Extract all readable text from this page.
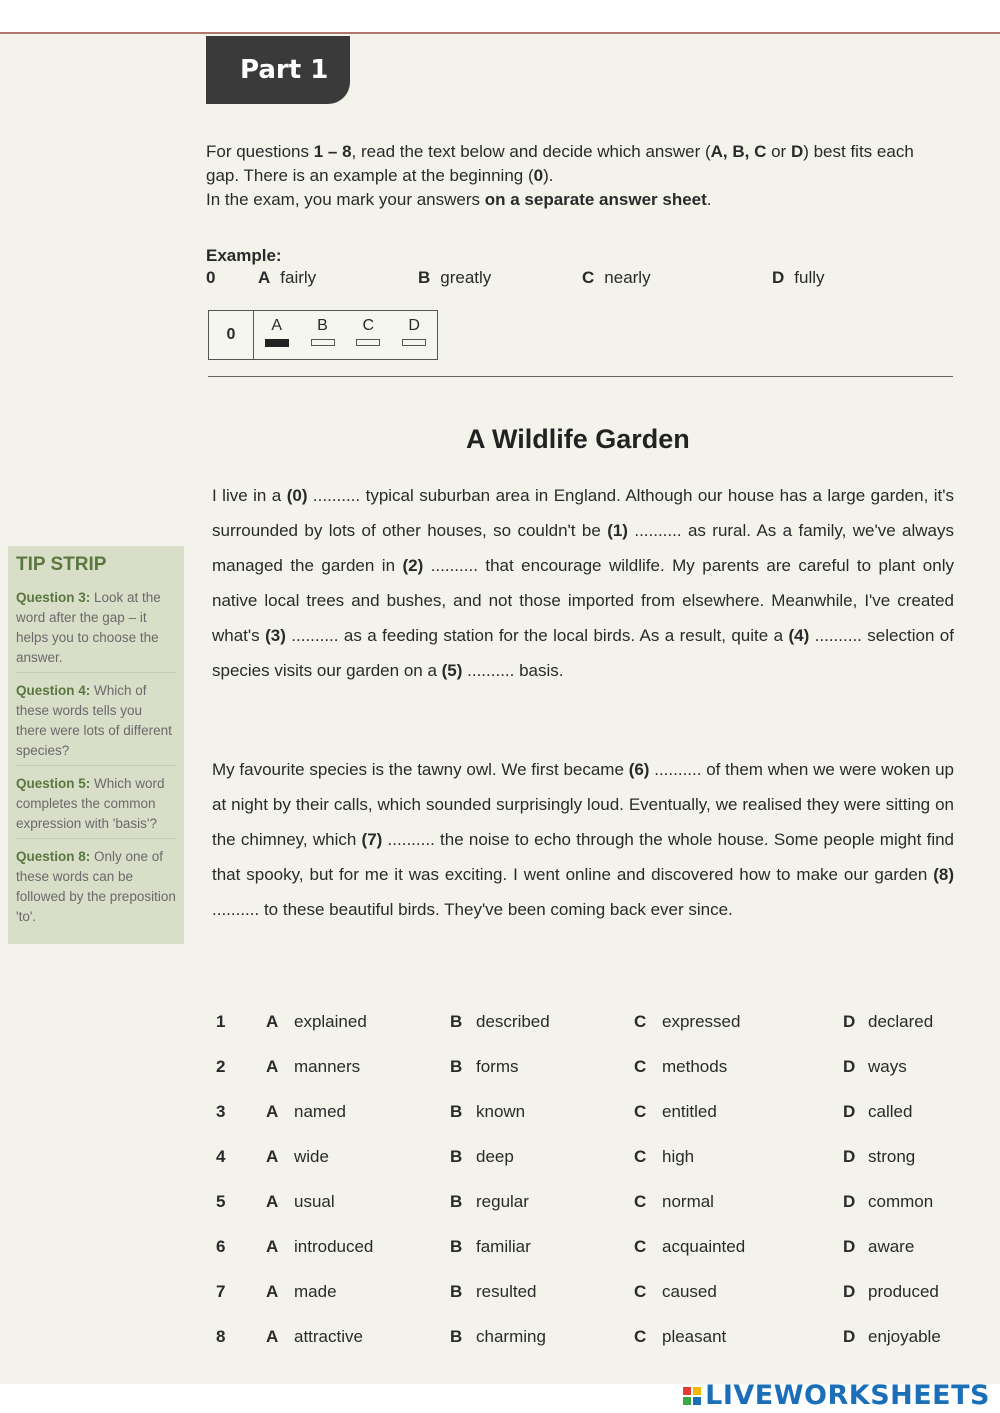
Part 1
For questions 1 – 8, read the text below and decide which answer (A, B, C or D) best fits each gap. There is an example at the beginning (0).
In the exam, you mark your answers on a separate answer sheet.
Example:
0	A fairly	B greatly	C nearly	D fully
0
A B C D
A Wildlife Garden
I live in a (0) .......... typical suburban area in England. Although our house has a large garden, it's surrounded by lots of other houses, so couldn't be (1) .......... as rural. As a family, we've always managed the garden in (2) .......... that encourage wildlife. My parents are careful to plant only native local trees and bushes, and not those imported from elsewhere. Meanwhile, I've created what's (3) .......... as a feeding station for the local birds. As a result, quite a (4) .......... selection of species visits our garden on a (5) .......... basis.
My favourite species is the tawny owl. We first became (6) .......... of them when we were woken up at night by their calls, which sounded surprisingly loud. Eventually, we realised they were sitting on the chimney, which (7) .......... the noise to echo through the whole house. Some people might find that spooky, but for me it was exciting. I went online and discovered how to make our garden (8) .......... to these beautiful birds. They've been coming back ever since.
TIP STRIP
Question 3: Look at the word after the gap – it helps you to choose the answer.
Question 4: Which of these words tells you there were lots of different species?
Question 5: Which word completes the common expression with 'basis'?
Question 8: Only one of these words can be followed by the preposition 'to'.
1 A explained	B described	C expressed	D declared
2 A manners	B forms	C methods	D ways
3 A named	B known	C entitled	D called
4 A wide	B deep	C high	D strong
5 A usual	B regular	C normal	D common
6 A introduced	B familiar	C acquainted	D aware
7 A made	B resulted	C caused	D produced
8 A attractive	B charming	C pleasant	D enjoyable
LIVEWORKSHEETS
